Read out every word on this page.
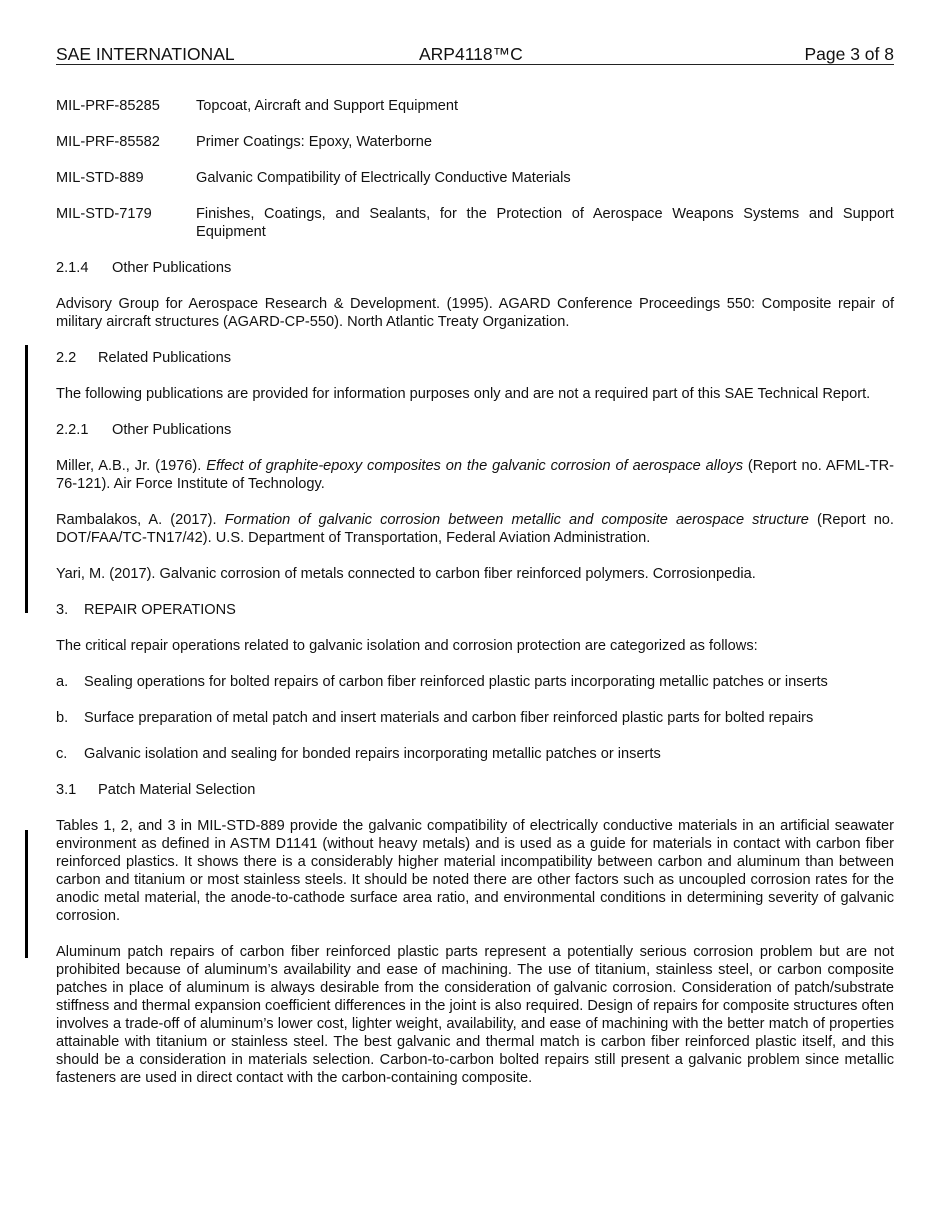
SAE INTERNATIONAL	ARP4118™C	Page 3 of 8
MIL-PRF-85285 Topcoat, Aircraft and Support Equipment
MIL-PRF-85582 Primer Coatings: Epoxy, Waterborne
MIL-STD-889	Galvanic Compatibility of Electrically Conductive Materials
MIL-STD-7179	Finishes, Coatings, and Sealants, for the Protection of Aerospace Weapons Systems and Support Equipment
2.1.4 Other Publications
Advisory Group for Aerospace Research & Development. (1995). AGARD Conference Proceedings 550: Composite repair of military aircraft structures (AGARD-CP-550). North Atlantic Treaty Organization.
2.2 Related Publications
The following publications are provided for information purposes only and are not a required part of this SAE Technical Report.
2.2.1 Other Publications
Miller, A.B., Jr. (1976). Effect of graphite-epoxy composites on the galvanic corrosion of aerospace alloys (Report no. AFML-TR-76-121). Air Force Institute of Technology.
Rambalakos, A. (2017). Formation of galvanic corrosion between metallic and composite aerospace structure (Report no. DOT/FAA/TC-TN17/42). U.S. Department of Transportation, Federal Aviation Administration.
Yari, M. (2017). Galvanic corrosion of metals connected to carbon fiber reinforced polymers. Corrosionpedia.
3. REPAIR OPERATIONS
The critical repair operations related to galvanic isolation and corrosion protection are categorized as follows:
a. Sealing operations for bolted repairs of carbon fiber reinforced plastic parts incorporating metallic patches or inserts
b. Surface preparation of metal patch and insert materials and carbon fiber reinforced plastic parts for bolted repairs
c. Galvanic isolation and sealing for bonded repairs incorporating metallic patches or inserts
3.1 Patch Material Selection
Tables 1, 2, and 3 in MIL-STD-889 provide the galvanic compatibility of electrically conductive materials in an artificial seawater environment as defined in ASTM D1141 (without heavy metals) and is used as a guide for materials in contact with carbon fiber reinforced plastics. It shows there is a considerably higher material incompatibility between carbon and aluminum than between carbon and titanium or most stainless steels. It should be noted there are other factors such as uncoupled corrosion rates for the anodic metal material, the anode-to-cathode surface area ratio, and environmental conditions in determining severity of galvanic corrosion.
Aluminum patch repairs of carbon fiber reinforced plastic parts represent a potentially serious corrosion problem but are not prohibited because of aluminum’s availability and ease of machining. The use of titanium, stainless steel, or carbon composite patches in place of aluminum is always desirable from the consideration of galvanic corrosion. Consideration of patch/substrate stiffness and thermal expansion coefficient differences in the joint is also required. Design of repairs for composite structures often involves a trade-off of aluminum’s lower cost, lighter weight, availability, and ease of machining with the better match of properties attainable with titanium or stainless steel. The best galvanic and thermal match is carbon fiber reinforced plastic itself, and this should be a consideration in materials selection. Carbon-to-carbon bolted repairs still present a galvanic problem since metallic fasteners are used in direct contact with the carbon-containing composite.
